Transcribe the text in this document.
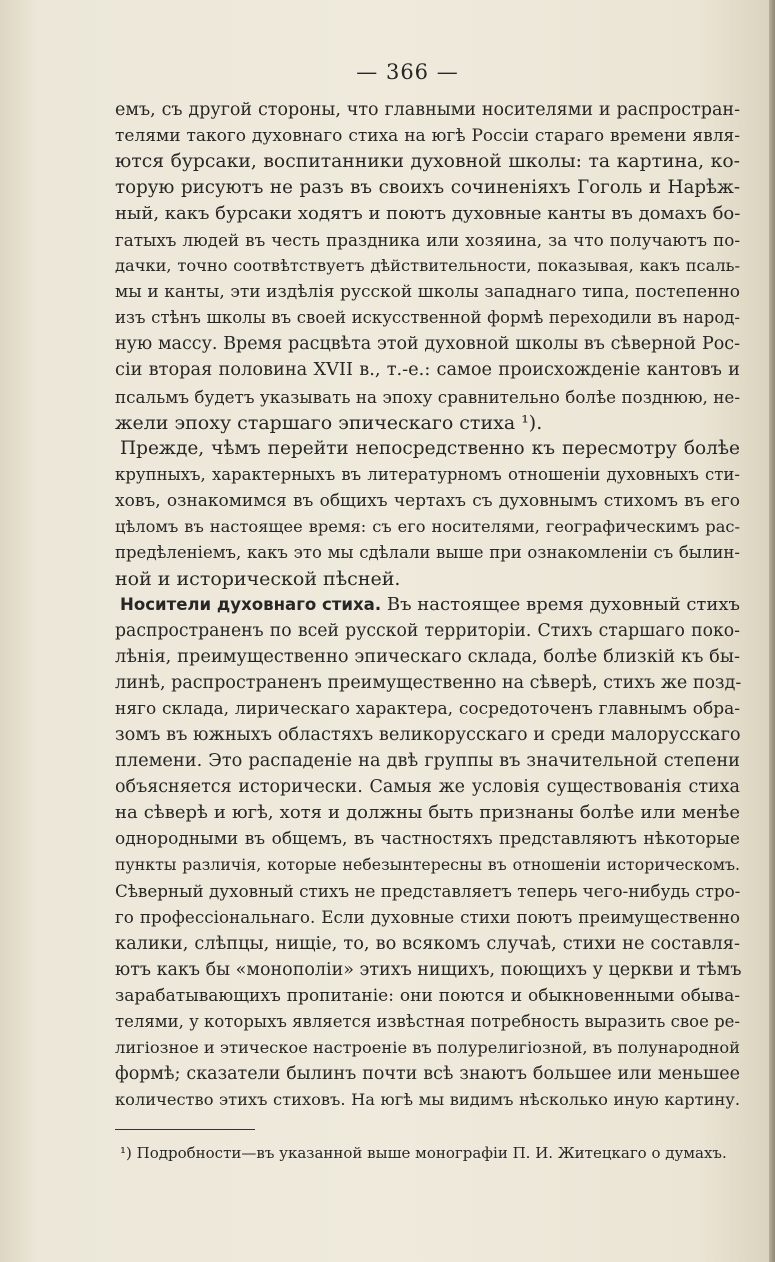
— 366 —
емъ, съ другой стороны, что главными носителями и распростран-
телями такого духовнаго стиха на югѣ Россіи стараго времени явля-
ются бурсаки, воспитанники духовной школы: та картина, ко-
торую рисуютъ не разъ въ своихъ сочиненіяхъ Гоголь и Нарѣж-
ный, какъ бурсаки ходятъ и поютъ духовные канты въ домахъ бо-
гатыхъ людей въ честь праздника или хозяина, за что получаютъ по-
дачки, точно соотвѣтствуетъ дѣйствительности, показывая, какъ псаль-
мы и канты, эти издѣлія русской школы западнаго типа, постепенно
изъ стѣнъ школы въ своей искусственной формѣ переходили въ народ-
ную массу. Время расцвѣта этой духовной школы въ сѣверной Рос-
сіи вторая половина XVII в., т.-е.: самое происхожденіе кантовъ и
псальмъ будетъ указывать на эпоху сравнительно болѣе позднюю, не-
жели эпоху старшаго эпическаго стиха ¹).
Прежде, чѣмъ перейти непосредственно къ пересмотру болѣе
крупныхъ, характерныхъ въ литературномъ отношеніи духовныхъ сти-
ховъ, ознакомимся въ общихъ чертахъ съ духовнымъ стихомъ въ его
цѣломъ въ настоящее время: съ его носителями, географическимъ рас-
предѣленіемъ, какъ это мы сдѣлали выше при ознакомленіи съ былин-
ной и исторической пѣсней.
Носители духовнаго стиха. Въ настоящее время духовный стихъ
распространенъ по всей русской территоріи. Стихъ старшаго поко-
лѣнія, преимущественно эпическаго склада, болѣе близкій къ бы-
линѣ, распространенъ преимущественно на сѣверѣ, стихъ же позд-
няго склада, лирическаго характера, сосредоточенъ главнымъ обра-
зомъ въ южныхъ областяхъ великорусскаго и среди малорусскаго
племени. Это распаденіе на двѣ группы въ значительной степени
объясняется исторически. Самыя же условія существованія стиха
на сѣверѣ и югѣ, хотя и должны быть признаны болѣе или менѣе
однородными въ общемъ, въ частностяхъ представляютъ нѣкоторые
пункты различія, которые небезынтересны въ отношеніи историческомъ.
Сѣверный духовный стихъ не представляетъ теперь чего-нибудь стро-
го профессіональнаго. Если духовные стихи поютъ преимущественно
калики, слѣпцы, нищіе, то, во всякомъ случаѣ, стихи не составля-
ютъ какъ бы «монополіи» этихъ нищихъ, поющихъ у церкви и тѣмъ
зарабатывающихъ пропитаніе: они поются и обыкновенными обыва-
телями, у которыхъ является извѣстная потребность выразить свое ре-
лигіозное и этическое настроеніе въ полурелигіозной, въ полународной
формѣ; сказатели былинъ почти всѣ знаютъ большее или меньшее
количество этихъ стиховъ. На югѣ мы видимъ нѣсколько иную картину.
¹) Подробности—въ указанной выше монографіи П. И. Житецкаго о думахъ.
